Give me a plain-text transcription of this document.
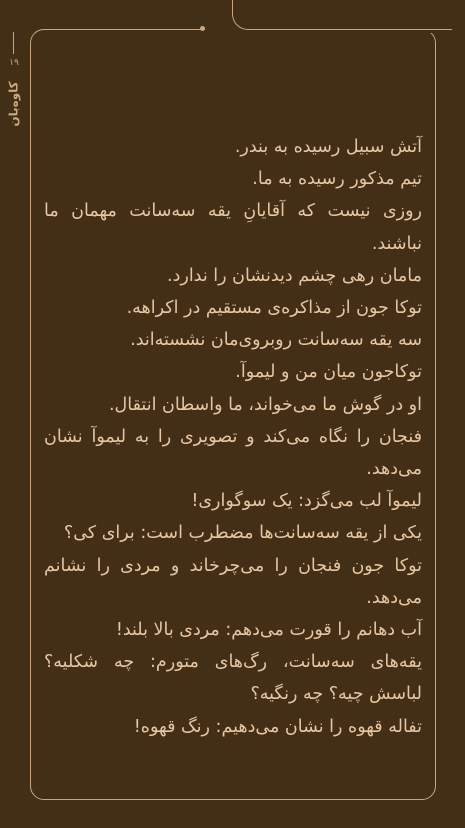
۱۹
کاوه‌بان

آتش سبیل رسیده به بندر.

تیم مذکور رسیده به ما.

روزی نیست که آقایانِ یقه سه‌سانت مهمان ما نباشند.

مامان رهی چشم دیدنشان را ندارد.

توکا جون از مذاکره‌ی مستقیم در اکراهه.

سه یقه سه‌سانت روبروی‌مان نشسته‌اند.

توکاجون میان من و لیموآ.

او در گوش ما می‌خواند، ما واسطان انتقال.

فنجان را نگاه می‌کند و تصویری را به لیموآ نشان می‌دهد.

لیموآ لب می‌گزد: یک سوگواری!

یکی از یقه سه‌سانت‌ها مضطرب است: برای کی؟

توکا جون فنجان را می‌چرخاند و مردی را نشانم می‌دهد.

آب دهانم را قورت می‌دهم: مردی بالا بلند!

یقه‌های سه‌سانت، رگ‌های متورم: چه شکلیه؟ لباسش چیه؟ چه رنگیه؟

تفاله قهوه را نشان می‌دهیم: رنگ قهوه!
